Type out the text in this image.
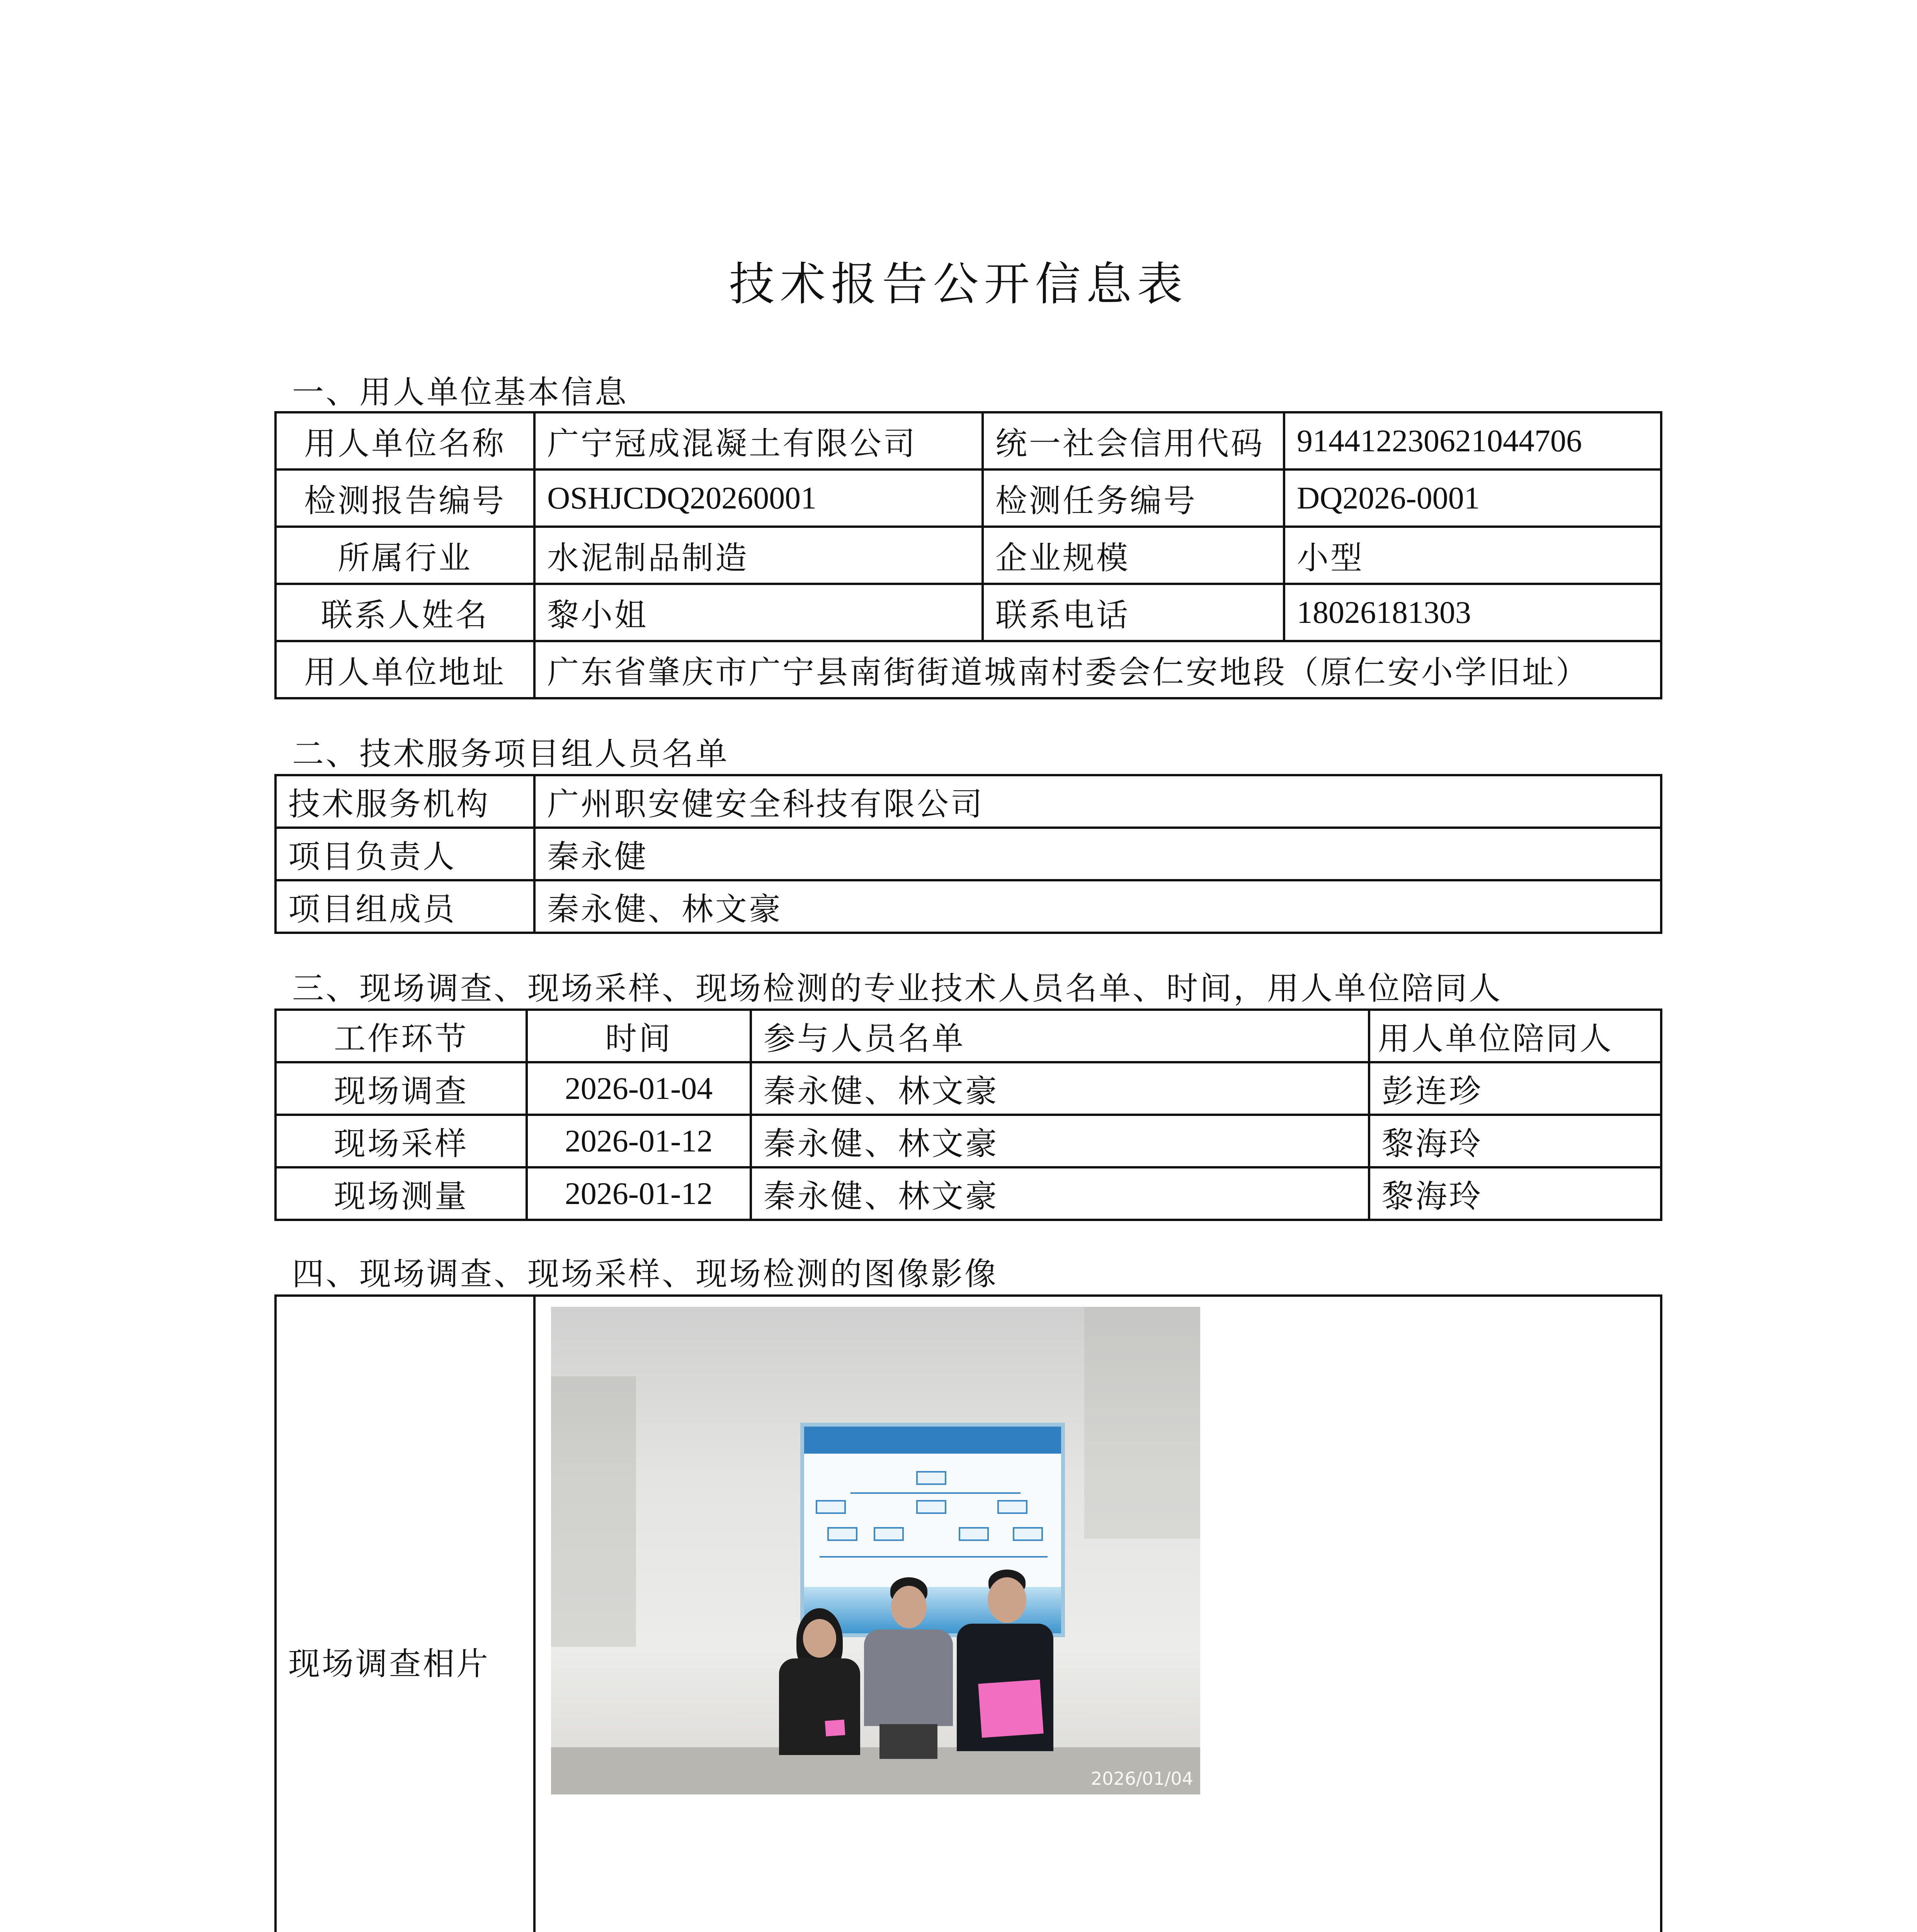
技术报告公开信息表
一、用人单位基本信息
用人单位名称	广宁冠成混凝土有限公司	统一社会信用代码	914412230621044706
检测报告编号	OSHJCDQ20260001	检测任务编号	DQ2026-0001
所属行业	水泥制品制造	企业规模	小型
联系人姓名	黎小姐	联系电话	18026181303
用人单位地址	广东省肇庆市广宁县南街街道城南村委会仁安地段（原仁安小学旧址）		
二、技术服务项目组人员名单
技术服务机构	广州职安健安全科技有限公司
项目负责人	秦永健
项目组成员	秦永健、林文豪
三、现场调查、现场采样、现场检测的专业技术人员名单、时间，用人单位陪同人
工作环节	时间	参与人员名单	用人单位陪同人
现场调查	2026-01-04	秦永健、林文豪	彭连珍
现场采样	2026-01-12	秦永健、林文豪	黎海玲
现场测量	2026-01-12	秦永健、林文豪	黎海玲
四、现场调查、现场采样、现场检测的图像影像
现场调查相片	
2026/01/04
